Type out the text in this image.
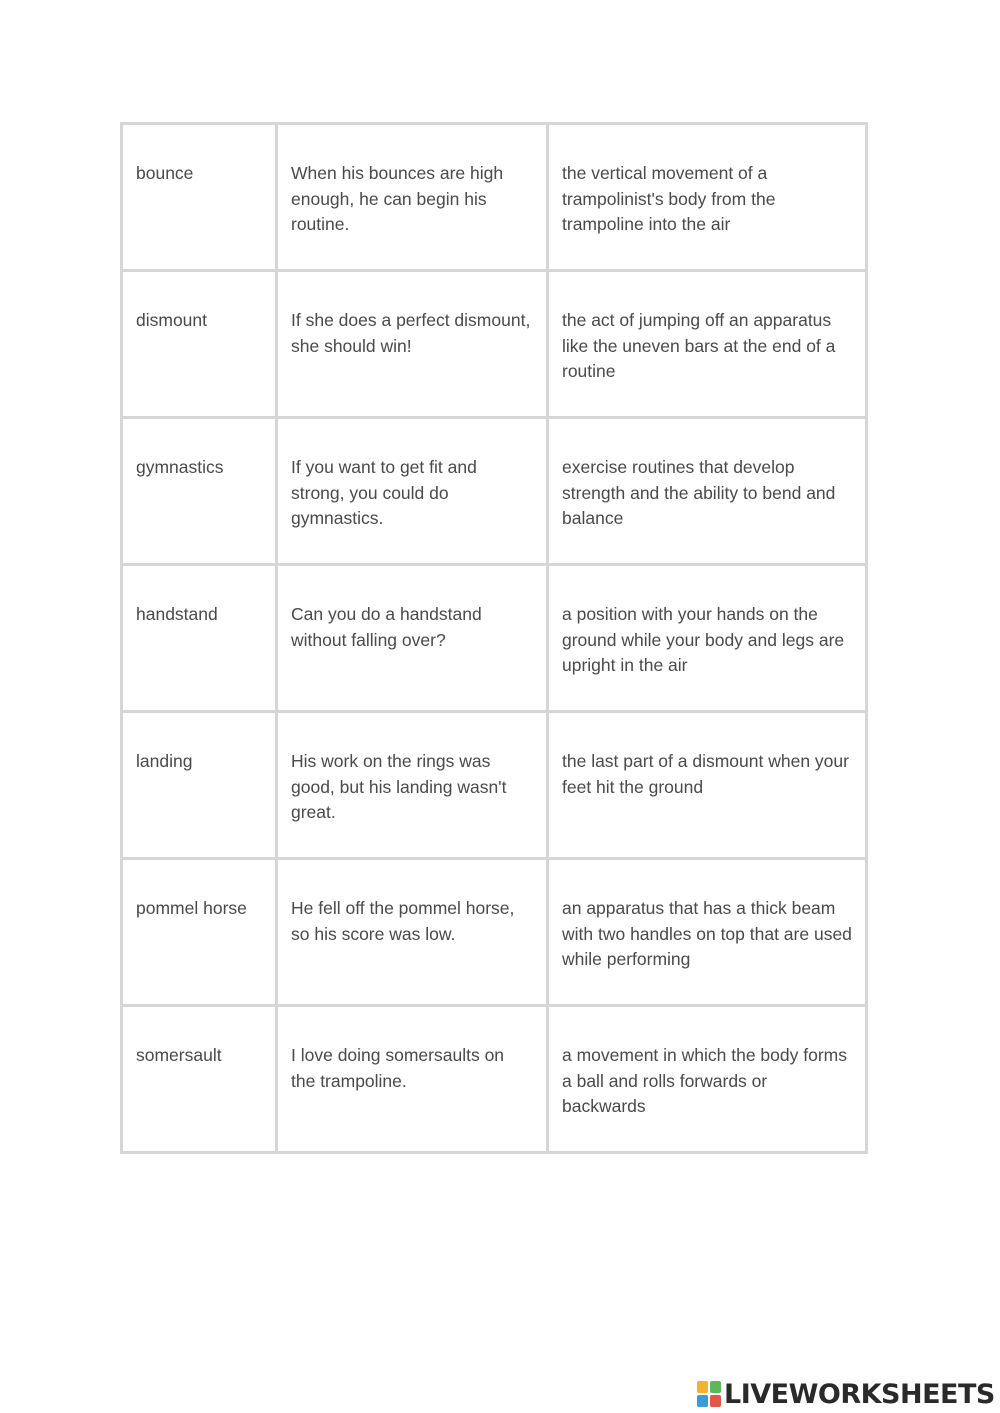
bounce	When his bounces are high enough, he can begin his routine.	the vertical movement of a trampolinist's body from the trampoline into the air
dismount	If she does a perfect dismount, she should win!	the act of jumping off an apparatus like the uneven bars at the end of a routine
gymnastics	If you want to get fit and strong, you could do gymnastics.	exercise routines that develop strength and the ability to bend and balance
handstand	Can you do a handstand without falling over?	a position with your hands on the ground while your body and legs are upright in the air
landing	His work on the rings was good, but his landing wasn't great.	the last part of a dismount when your feet hit the ground
pommel horse	He fell off the pommel horse, so his score was low.	an apparatus that has a thick beam with two handles on top that are used while performing
somersault	I love doing somersaults on the trampoline.	a movement in which the body forms a ball and rolls forwards or backwards
LIVEWORKSHEETS
